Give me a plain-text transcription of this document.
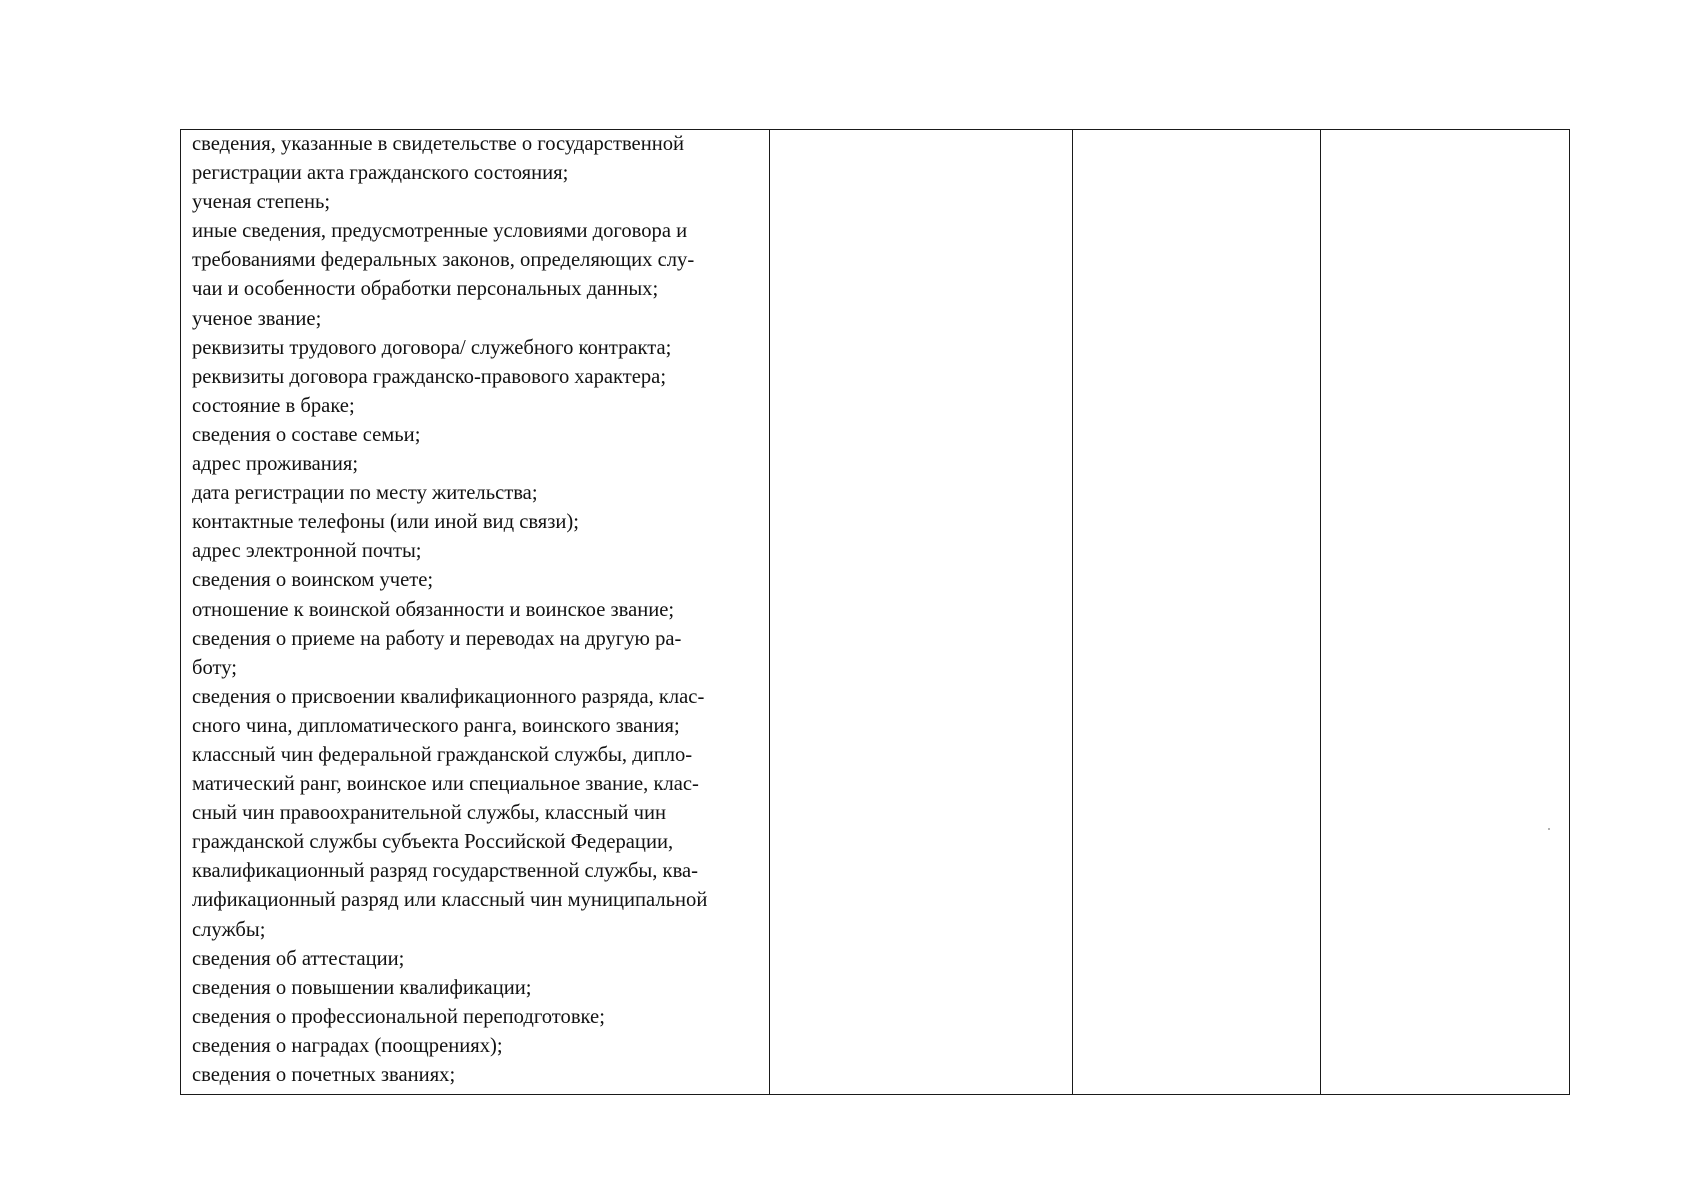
сведения, указанные в свидетельстве о государственной
регистрации акта гражданского состояния;
ученая степень;
иные сведения, предусмотренные условиями договора и
требованиями федеральных законов, определяющих слу-
чаи и особенности обработки персональных данных;
ученое звание;
реквизиты трудового договора/ служебного контракта;
реквизиты договора гражданско-правового характера;
состояние в браке;
сведения о составе семьи;
адрес проживания;
дата регистрации по месту жительства;
контактные телефоны (или иной вид связи);
адрес электронной почты;
сведения о воинском учете;
отношение к воинской обязанности и воинское звание;
сведения о приеме на работу и переводах на другую ра-
боту;
сведения о присвоении квалификационного разряда, клас-
сного чина, дипломатического ранга, воинского звания;
классный чин федеральной гражданской службы, дипло-
матический ранг, воинское или специальное звание, клас-
сный чин правоохранительной службы, классный чин
гражданской службы субъекта Российской Федерации,
квалификационный разряд государственной службы, ква-
лификационный разряд или классный чин муниципальной
службы;
сведения об аттестации;
сведения о повышении квалификации;
сведения о профессиональной переподготовке;
сведения о наградах (поощрениях);
сведения о почетных званиях;
